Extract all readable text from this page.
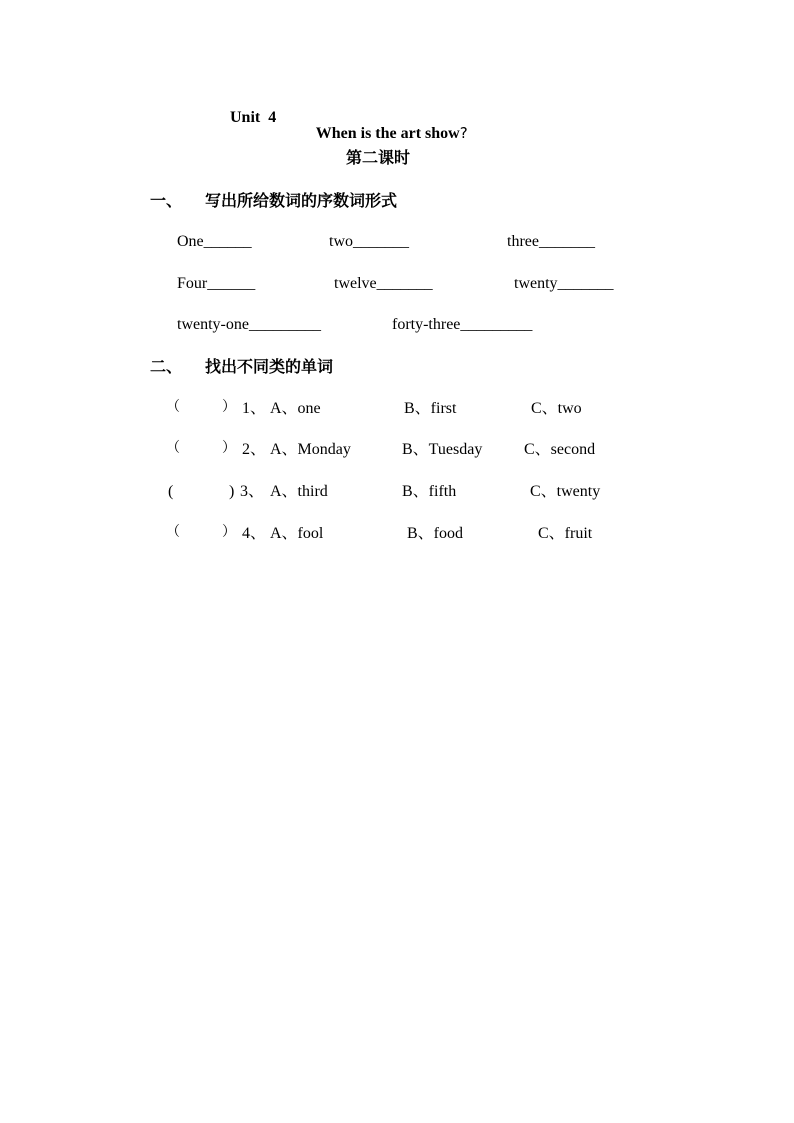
Unit  4

When is the art show?

第二课时
一、 写出所给数词的序数词形式
One______	two_______	three_______
Four______	twelve_______	twenty_______
twenty-one_________	forty-three_________
二、 找出不同类的单词
（	） 1、 A、one	B、first	C、two
（	） 2、 A、Monday	B、Tuesday	C、second
(	) 3、 A、third	B、fifth	C、twenty
（	） 4、 A、fool	B、food	C、fruit
